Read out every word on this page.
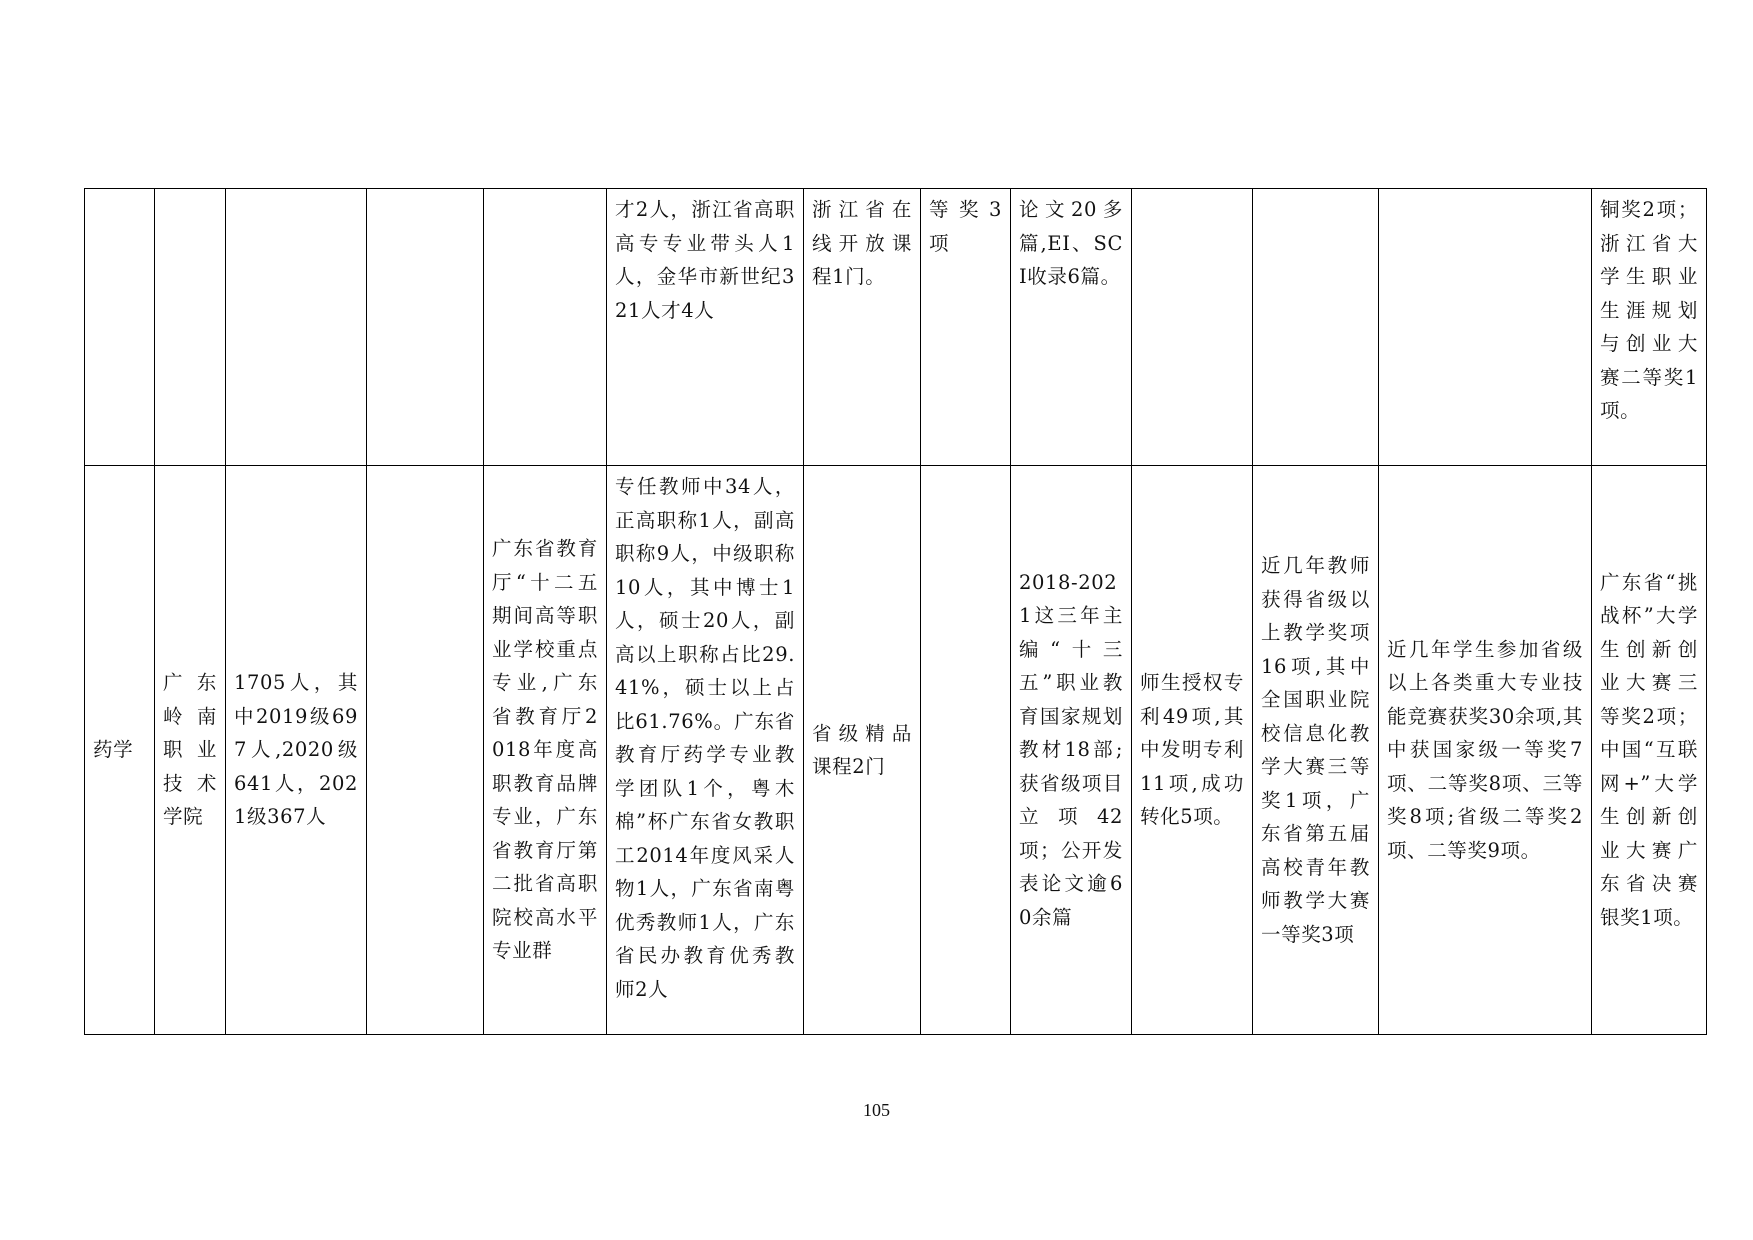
					才2人，浙江省高职高专专业带头人1人，金华市新世纪321人才4人	浙江省在线开放课程1门。	等奖3项	论文20多篇,EI、SCI收录6篇。				铜奖2项；浙江省大学生职业生涯规划与创业大赛二等奖1项。
药学	广东岭南职业技术学院	1705人，其中2019级697人,2020级641人，2021级367人		广东省教育厅“十二五期间高等职业学校重点专业,广东省教育厅2018年度高职教育品牌专业，广东省教育厅第二批省高职院校高水平专业群	专任教师中34人，正高职称1人，副高职称9人，中级职称10人，其中博士1人，硕士20人，副高以上职称占比29.41%，硕士以上占比61.76%。广东省教育厅药学专业教学团队1个，粤木棉”杯广东省女教职工2014年度风采人物1人，广东省南粤优秀教师1人，广东省民办教育优秀教师2人	省级精品课程2门		2018-2021这三年主编“十三五”职业教育国家规划教材18部;获省级项目立项42项；公开发表论文逾60余篇	师生授权专利49项,其中发明专利11项,成功转化5项。	近几年教师获得省级以上教学奖项16项,其中全国职业院校信息化教学大赛三等奖1项，广东省第五届高校青年教师教学大赛一等奖3项	近几年学生参加省级以上各类重大专业技能竞赛获奖30余项,其中获国家级一等奖7项、二等奖8项、三等奖8项;省级二等奖2项、二等奖9项。	广东省“挑战杯”大学生创新创业大赛三等奖2项；中国“互联网+”大学生创新创业大赛广东省决赛银奖1项。
105
